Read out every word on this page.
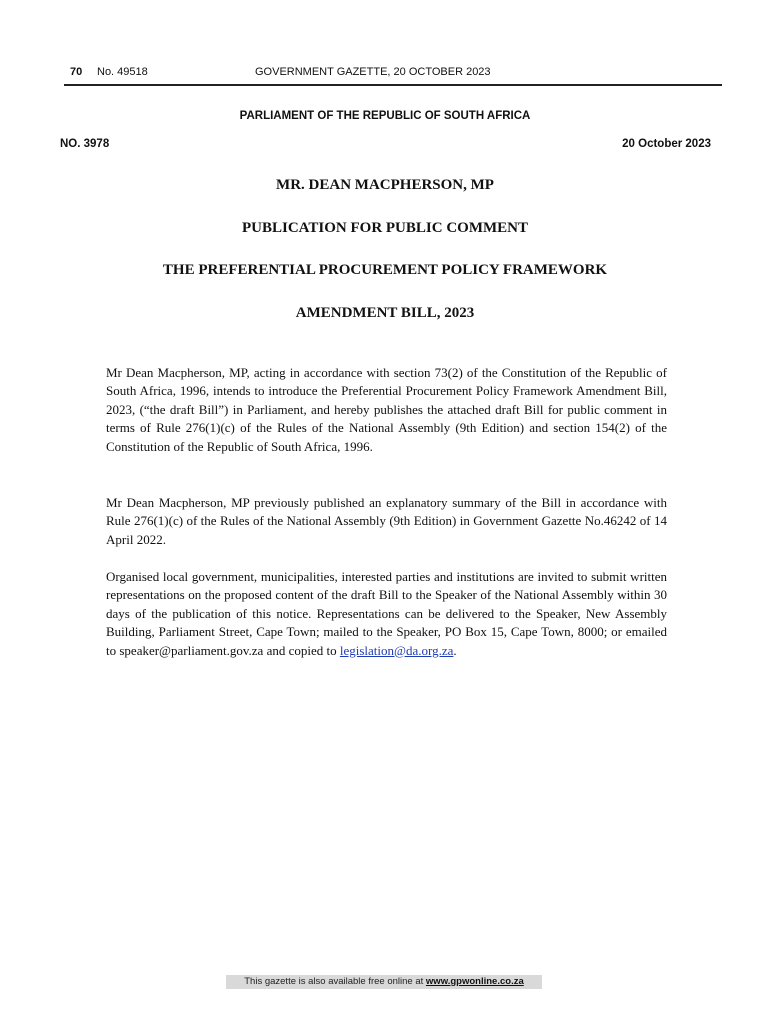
70 No. 49518	GOVERNMENT GAZETTE, 20 OCTOBER 2023
PARLIAMENT OF THE REPUBLIC OF SOUTH AFRICA
NO. 3978	20 October 2023
MR. DEAN MACPHERSON, MP
PUBLICATION FOR PUBLIC COMMENT
THE PREFERENTIAL PROCUREMENT POLICY FRAMEWORK
AMENDMENT BILL, 2023

Mr Dean Macpherson, MP, acting in accordance with section 73(2) of the Constitution of the Republic of South Africa, 1996, intends to introduce the Preferential Procurement Policy Framework Amendment Bill, 2023, (“the draft Bill”) in Parliament, and hereby publishes the attached draft Bill for public comment in terms of Rule 276(1)(c) of the Rules of the National Assembly (9th Edition) and section 154(2) of the Constitution of the Republic of South Africa, 1996.

Mr Dean Macpherson, MP previously published an explanatory summary of the Bill in accordance with Rule 276(1)(c) of the Rules of the National Assembly (9th Edition) in Government Gazette No.46242 of 14 April 2022.

Organised local government, municipalities, interested parties and institutions are invited to submit written representations on the proposed content of the draft Bill to the Speaker of the National Assembly within 30 days of the publication of this notice. Representations can be delivered to the Speaker, New Assembly Building, Parliament Street, Cape Town; mailed to the Speaker, PO Box 15, Cape Town, 8000; or emailed to speaker@parliament.gov.za and copied to legislation@da.org.za.

This gazette is also available free online at www.gpwonline.co.za
